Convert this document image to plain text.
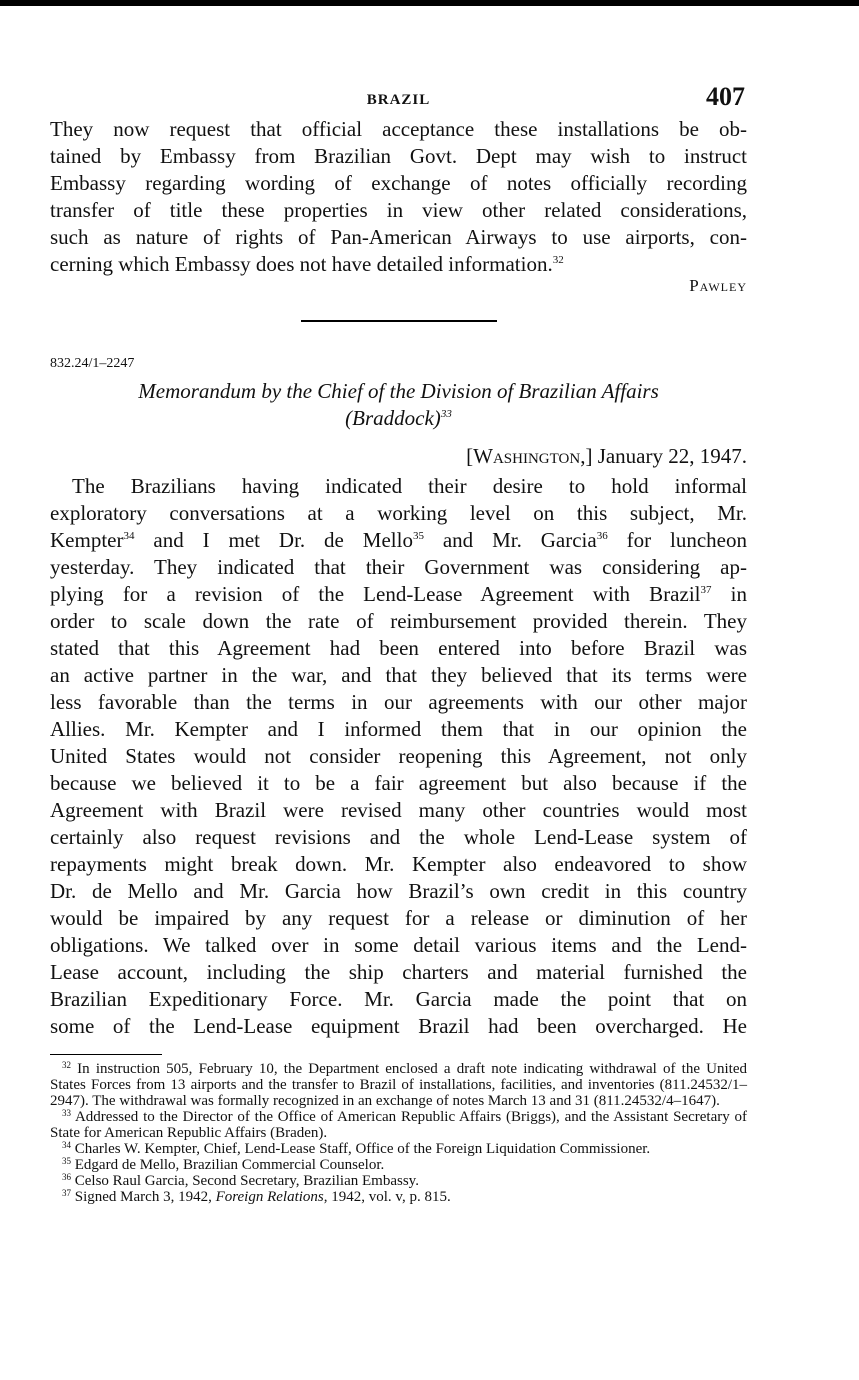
BRAZIL	407
They now request that official acceptance these installations be ob-
tained by Embassy from Brazilian Govt. Dept may wish to instruct
Embassy regarding wording of exchange of notes officially recording
transfer of title these properties in view other related considerations,
such as nature of rights of Pan-American Airways to use airports, con-
cerning which Embassy does not have detailed information.$^{32}$
Pawley
832.24/1–2247
Memorandum by the Chief of the Division of Brazilian Affairs
(Braddock)$^{33}$
[Washington,] January 22, 1947.
The Brazilians having indicated their desire to hold informal
exploratory conversations at a working level on this subject, Mr.
Kempter$^{34}$ and I met Dr. de Mello$^{35}$ and Mr. Garcia$^{36}$ for luncheon
yesterday. They indicated that their Government was considering ap-
plying for a revision of the Lend-Lease Agreement with Brazil$^{37}$ in
order to scale down the rate of reimbursement provided therein. They
stated that this Agreement had been entered into before Brazil was
an active partner in the war, and that they believed that its terms were
less favorable than the terms in our agreements with our other major
Allies. Mr. Kempter and I informed them that in our opinion the
United States would not consider reopening this Agreement, not only
because we believed it to be a fair agreement but also because if the
Agreement with Brazil were revised many other countries would most
certainly also request revisions and the whole Lend-Lease system of
repayments might break down. Mr. Kempter also endeavored to show
Dr. de Mello and Mr. Garcia how Brazil’s own credit in this country
would be impaired by any request for a release or diminution of her
obligations. We talked over in some detail various items and the Lend-
Lease account, including the ship charters and material furnished the
Brazilian Expeditionary Force. Mr. Garcia made the point that on
some of the Lend-Lease equipment Brazil had been overcharged. He

$^{32}$ In instruction 505, February 10, the Department enclosed a draft note indicating withdrawal of the United States Forces from 13 airports and the transfer to Brazil of installations, facilities, and inventories (811.24532/1–2947). The withdrawal was formally recognized in an exchange of notes March 13 and 31 (811.24532/4–1647).

$^{33}$ Addressed to the Director of the Office of American Republic Affairs (Briggs), and the Assistant Secretary of State for American Republic Affairs (Braden).

$^{34}$ Charles W. Kempter, Chief, Lend-Lease Staff, Office of the Foreign Liquidation Commissioner.

$^{35}$ Edgard de Mello, Brazilian Commercial Counselor.

$^{36}$ Celso Raul Garcia, Second Secretary, Brazilian Embassy.

$^{37}$ Signed March 3, 1942, Foreign Relations, 1942, vol. v, p. 815.
